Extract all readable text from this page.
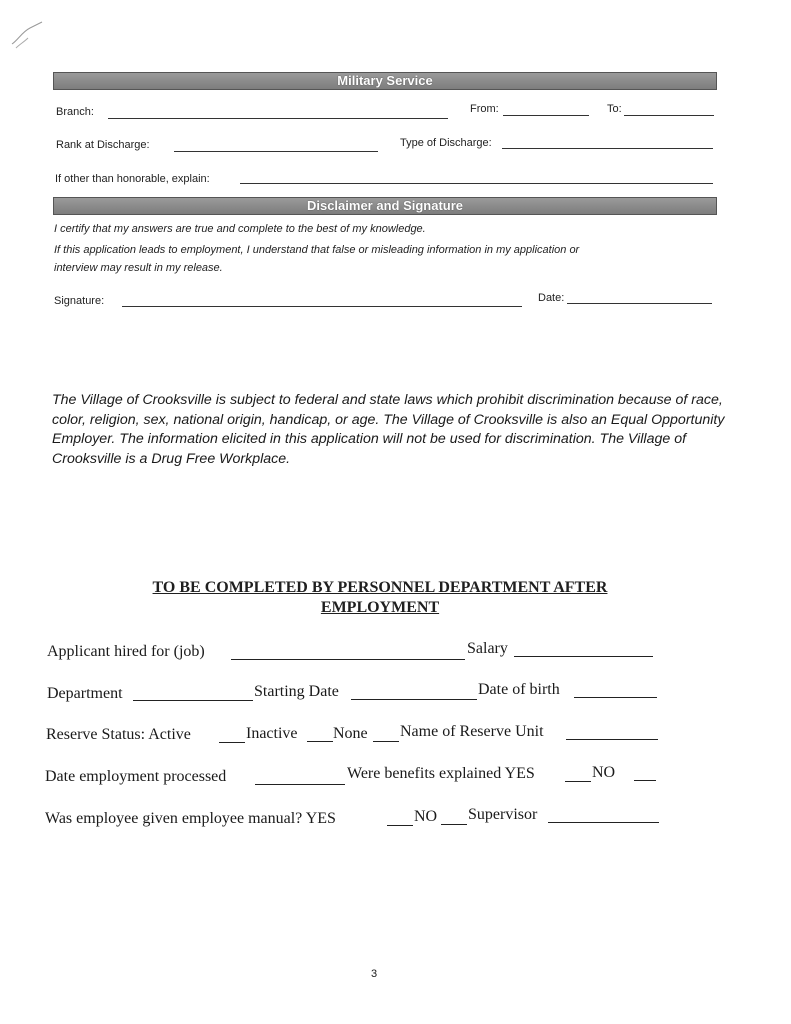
Military Service
Branch:	From:	To:
Rank at Discharge:	Type of Discharge:
If other than honorable, explain:
Disclaimer and Signature
I certify that my answers are true and complete to the best of my knowledge.
If this application leads to employment, I understand that false or misleading information in my application or
interview may result in my release.
Signature:	Date:
The Village of Crooksville is subject to federal and state laws which prohibit discrimination because of race, color, religion, sex, national origin, handicap, or age. The Village of Crooksville is also an Equal Opportunity Employer. The information elicited in this application will not be used for discrimination. The Village of Crooksville is a Drug Free Workplace.
TO BE COMPLETED BY PERSONNEL DEPARTMENT AFTER
EMPLOYMENT
Applicant hired for (job)	Salary
Department	Starting Date	Date of birth
Reserve Status: Active	Inactive None Name of Reserve Unit
Date employment processed	Were benefits explained YES	NO
Was employee given employee manual? YES	NO Supervisor
3
